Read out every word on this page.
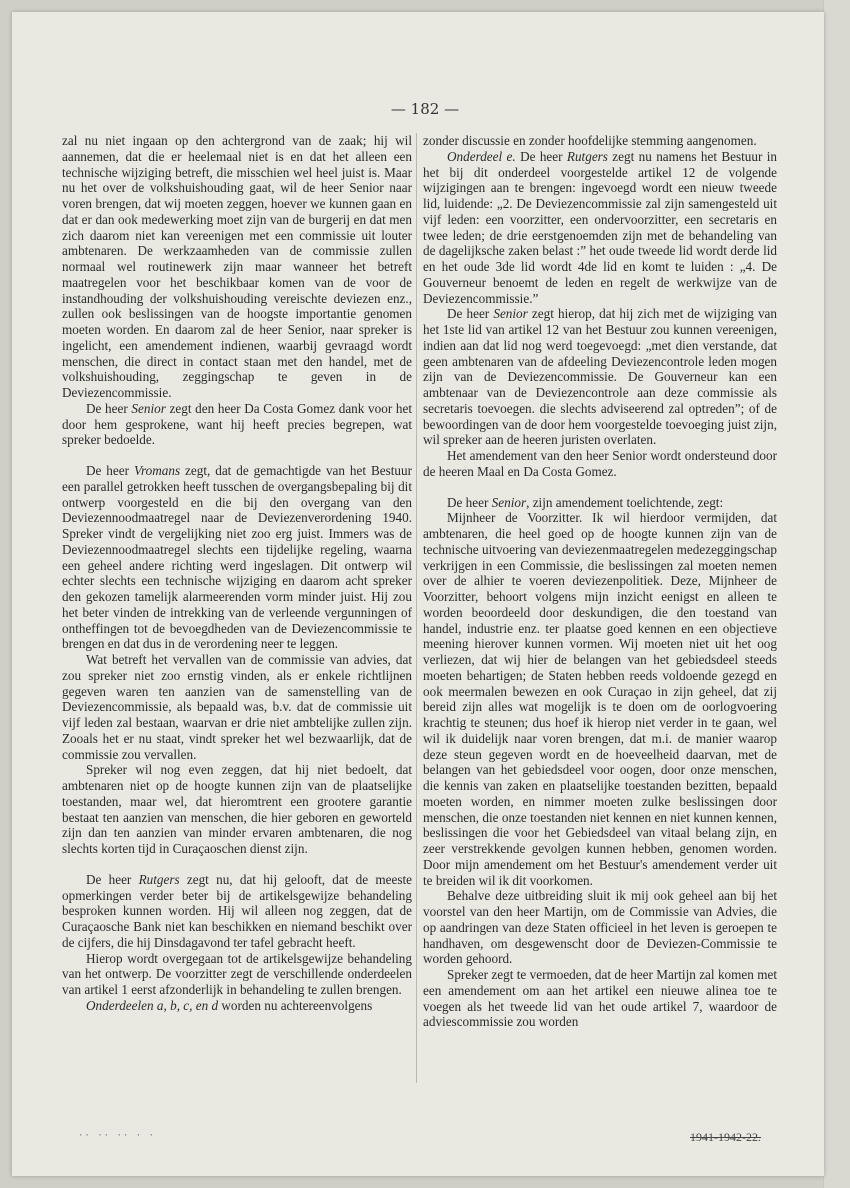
— 182 —

zal nu niet ingaan op den achtergrond van de zaak; hij wil aannemen, dat die er heelemaal niet is en dat het alleen een technische wijziging betreft, die misschien wel heel juist is. Maar nu het over de volkshuishouding gaat, wil de heer Senior naar voren brengen, dat wij moeten zeggen, hoever we kunnen gaan en dat er dan ook medewerking moet zijn van de burgerij en dat men zich daarom niet kan vereenigen met een commissie uit louter ambtenaren. De werkzaamheden van de commissie zullen normaal wel routinewerk zijn maar wanneer het betreft maatregelen voor het beschikbaar komen van de voor de instandhouding der volkshuishouding vereischte deviezen enz., zullen ook beslissingen van de hoogste importantie genomen moeten worden. En daarom zal de heer Senior, naar spreker is ingelicht, een amendement indienen, waarbij gevraagd wordt menschen, die direct in contact staan met den handel, met de volkshuishouding, zeggingschap te geven in de Deviezencommissie.

De heer Senior zegt den heer Da Costa Gomez dank voor het door hem gesprokene, want hij heeft precies begrepen, wat spreker bedoelde.

De heer Vromans zegt, dat de gemachtigde van het Bestuur een parallel getrokken heeft tusschen de overgangsbepaling bij dit ontwerp voorgesteld en die bij den overgang van den Deviezennoodmaatregel naar de Deviezenverordening 1940. Spreker vindt de vergelijking niet zoo erg juist. Immers was de Deviezennoodmaatregel slechts een tijdelijke regeling, waarna een geheel andere richting werd ingeslagen. Dit ontwerp wil echter slechts een technische wijziging en daarom acht spreker den gekozen tamelijk alarmeerenden vorm minder juist. Hij zou het beter vinden de intrekking van de verleende vergunningen of ontheffingen tot de bevoegdheden van de Deviezencommissie te brengen en dat dus in de verordening neer te leggen.

Wat betreft het vervallen van de commissie van advies, dat zou spreker niet zoo ernstig vinden, als er enkele richtlijnen gegeven waren ten aanzien van de samenstelling van de Deviezencommissie, als bepaald was, b.v. dat de commissie uit vijf leden zal bestaan, waarvan er drie niet ambtelijke zullen zijn. Zooals het er nu staat, vindt spreker het wel bezwaarlijk, dat de commissie zou vervallen.

Spreker wil nog even zeggen, dat hij niet bedoelt, dat ambtenaren niet op de hoogte kunnen zijn van de plaatselijke toestanden, maar wel, dat hieromtrent een grootere garantie bestaat ten aanzien van menschen, die hier geboren en geworteld zijn dan ten aanzien van minder ervaren ambtenaren, die nog slechts korten tijd in Curaçaoschen dienst zijn.

De heer Rutgers zegt nu, dat hij gelooft, dat de meeste opmerkingen verder beter bij de artikelsgewijze behandeling besproken kunnen worden. Hij wil alleen nog zeggen, dat de Curaçaosche Bank niet kan beschikken en niemand beschikt over de cijfers, die hij Dinsdagavond ter tafel gebracht heeft.

Hierop wordt overgegaan tot de artikelsgewijze behandeling van het ontwerp. De voorzitter zegt de verschillende onderdeelen van artikel 1 eerst afzonderlijk in behandeling te zullen brengen.

Onderdeelen a, b, c, en d worden nu achtereenvolgens

zonder discussie en zonder hoofdelijke stemming aangenomen.

Onderdeel e. De heer Rutgers zegt nu namens het Bestuur in het bij dit onderdeel voorgestelde artikel 12 de volgende wijzigingen aan te brengen: ingevoegd wordt een nieuw tweede lid, luidende: „2. De Deviezencommissie zal zijn samengesteld uit vijf leden: een voorzitter, een ondervoorzitter, een secretaris en twee leden; de drie eerstgenoemden zijn met de behandeling van de dagelijksche zaken belast :” het oude tweede lid wordt derde lid en het oude 3de lid wordt 4de lid en komt te luiden : „4. De Gouverneur benoemt de leden en regelt de werkwijze van de Deviezencommissie.”

De heer Senior zegt hierop, dat hij zich met de wijziging van het 1ste lid van artikel 12 van het Bestuur zou kunnen vereenigen, indien aan dat lid nog werd toegevoegd: „met dien verstande, dat geen ambtenaren van de afdeeling Deviezencontrole leden mogen zijn van de Deviezencommissie. De Gouverneur kan een ambtenaar van de Deviezencontrole aan deze commissie als secretaris toevoegen. die slechts adviseerend zal optreden”; of de bewoordingen van de door hem voorgestelde toevoeging juist zijn, wil spreker aan de heeren juristen overlaten.

Het amendement van den heer Senior wordt ondersteund door de heeren Maal en Da Costa Gomez.

De heer Senior, zijn amendement toelichtende, zegt:

Mijnheer de Voorzitter. Ik wil hierdoor vermijden, dat ambtenaren, die heel goed op de hoogte kunnen zijn van de technische uitvoering van deviezenmaatregelen medezeggingschap verkrijgen in een Commissie, die beslissingen zal moeten nemen over de alhier te voeren deviezenpolitiek. Deze, Mijnheer de Voorzitter, behoort volgens mijn inzicht eenigst en alleen te worden beoordeeld door deskundigen, die den toestand van handel, industrie enz. ter plaatse goed kennen en een objectieve meening hierover kunnen vormen. Wij moeten niet uit het oog verliezen, dat wij hier de belangen van het gebiedsdeel steeds moeten behartigen; de Staten hebben reeds voldoende gezegd en ook meermalen bewezen en ook Curaçao in zijn geheel, dat zij bereid zijn alles wat mogelijk is te doen om de oorlogvoering krachtig te steunen; dus hoef ik hierop niet verder in te gaan, wel wil ik duidelijk naar voren brengen, dat m.i. de manier waarop deze steun gegeven wordt en de hoeveelheid daarvan, met de belangen van het gebiedsdeel voor oogen, door onze menschen, die kennis van zaken en plaatselijke toestanden bezitten, bepaald moeten worden, en nimmer moeten zulke beslissingen door menschen, die onze toestanden niet kennen en niet kunnen kennen, beslissingen die voor het Gebiedsdeel van vitaal belang zijn, en zeer verstrekkende gevolgen kunnen hebben, genomen worden. Door mijn amendement om het Bestuur's amendement verder uit te breiden wil ik dit voorkomen.

Behalve deze uitbreiding sluit ik mij ook geheel aan bij het voorstel van den heer Martijn, om de Commissie van Advies, die op aandringen van deze Staten officieel in het leven is geroepen te handhaven, om desgewenscht door de Deviezen-Commissie te worden gehoord.

Spreker zegt te vermoeden, dat de heer Martijn zal komen met een amendement om aan het artikel een nieuwe alinea toe te voegen als het tweede lid van het oude artikel 7, waardoor de adviescommissie zou worden

·· ·· ·· · ·	1941-1942-22.
